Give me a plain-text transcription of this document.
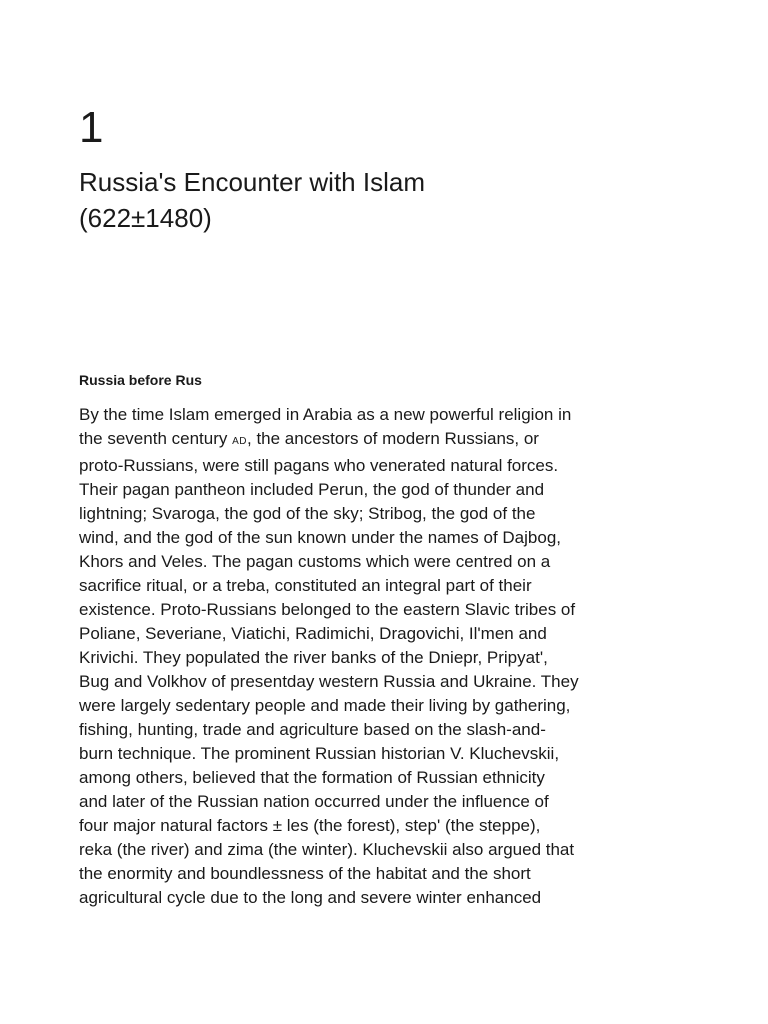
1
Russia's Encounter with Islam
(622±1480)
Russia before Rus
By the time Islam emerged in Arabia as a new powerful religion in
the seventh century AD, the ancestors of modern Russians, or
proto-Russians, were still pagans who venerated natural forces.
Their pagan pantheon included Perun, the god of thunder and
lightning; Svaroga, the god of the sky; Stribog, the god of the
wind, and the god of the sun known under the names of Dajbog,
Khors and Veles. The pagan customs which were centred on a
sacrifice ritual, or a treba, constituted an integral part of their
existence. Proto-Russians belonged to the eastern Slavic tribes of
Poliane, Severiane, Viatichi, Radimichi, Dragovichi, Il'men and
Krivichi. They populated the river banks of the Dniepr, Pripyat',
Bug and Volkhov of presentday western Russia and Ukraine. They
were largely sedentary people and made their living by gathering,
fishing, hunting, trade and agriculture based on the slash-and-
burn technique. The prominent Russian historian V. Kluchevskii,
among others, believed that the formation of Russian ethnicity
and later of the Russian nation occurred under the influence of
four major natural factors ± les (the forest), step' (the steppe),
reka (the river) and zima (the winter). Kluchevskii also argued that
the enormity and boundlessness of the habitat and the short
agricultural cycle due to the long and severe winter enhanced
